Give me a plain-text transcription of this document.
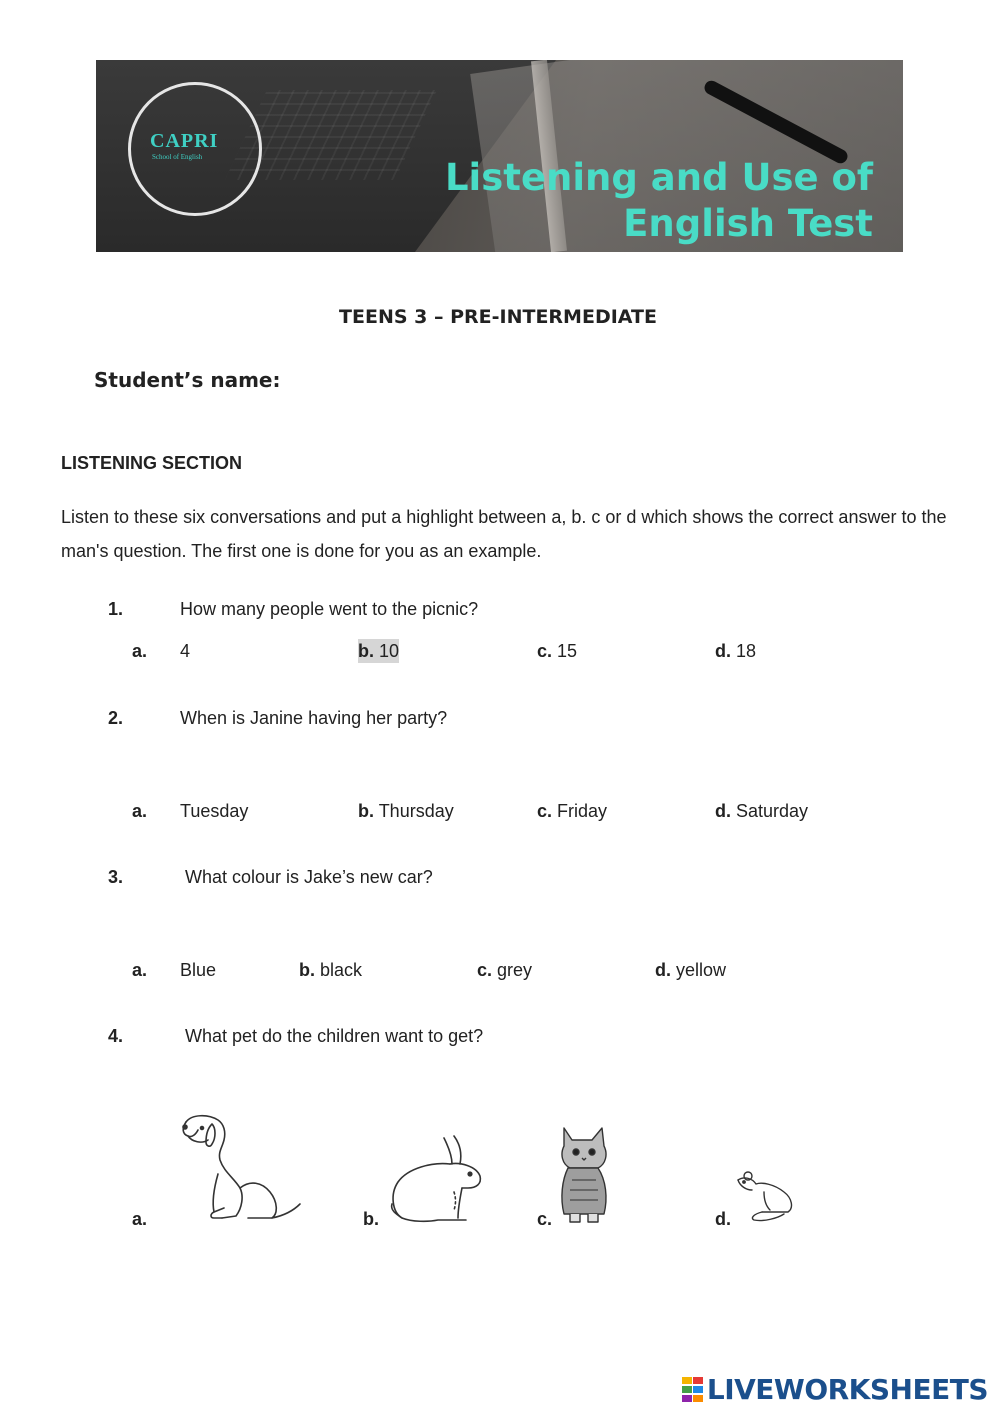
CAPRI
School of English	Listening and Use of
English Test
TEENS 3 – PRE-INTERMEDIATE
Student’s name:
LISTENING SECTION
Listen to these six conversations and put a highlight between a, b. c or d which shows the correct answer to the man's question. The first one is done for you as an example.
1.	How many people went to the picnic?
a. 4	b. 10	c. 15	d. 18
2.	When is Janine having her party?
a. Tuesday	b. Thursday	c. Friday	d. Saturday
3.	What colour is Jake’s new car?
a. Blue	b. black	c. grey	d. yellow
4.	What pet do the children want to get?
a.	b.	c.	d.
LIVEWORKSHEETS
